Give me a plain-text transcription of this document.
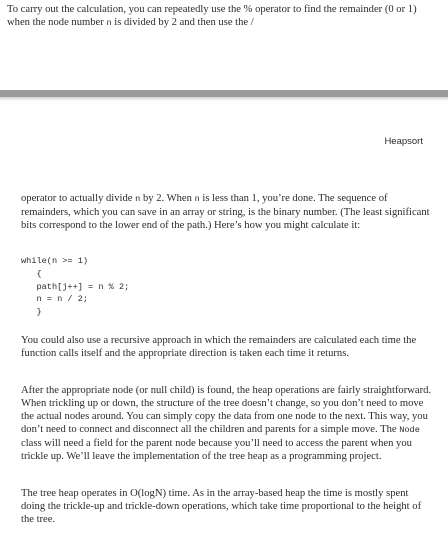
To carry out the calculation, you can repeatedly use the % operator to find the remainder (0 or 1) when the node number n is divided by 2 and then use the /

Heapsort

operator to actually divide n by 2. When n is less than 1, you’re done. The sequence of remainders, which you can save in an array or string, is the binary number. (The least significant bits correspond to the lower end of the path.) Here’s how you might calculate it:

while(n >= 1)
{
path[j++] = n % 2;
n = n / 2;
}

You could also use a recursive approach in which the remainders are calculated each time the function calls itself and the appropriate direction is taken each time it returns.

After the appropriate node (or null child) is found, the heap operations are fairly straightforward. When trickling up or down, the structure of the tree doesn’t change, so you don’t need to move the actual nodes around. You can simply copy the data from one node to the next. This way, you don’t need to connect and disconnect all the children and parents for a simple move. The Node class will need a field for the parent node because you’ll need to access the parent when you trickle up. We’ll leave the implementation of the tree heap as a programming project.

The tree heap operates in O(logN) time. As in the array-based heap the time is mostly spent doing the trickle-up and trickle-down operations, which take time proportional to the height of the tree.
